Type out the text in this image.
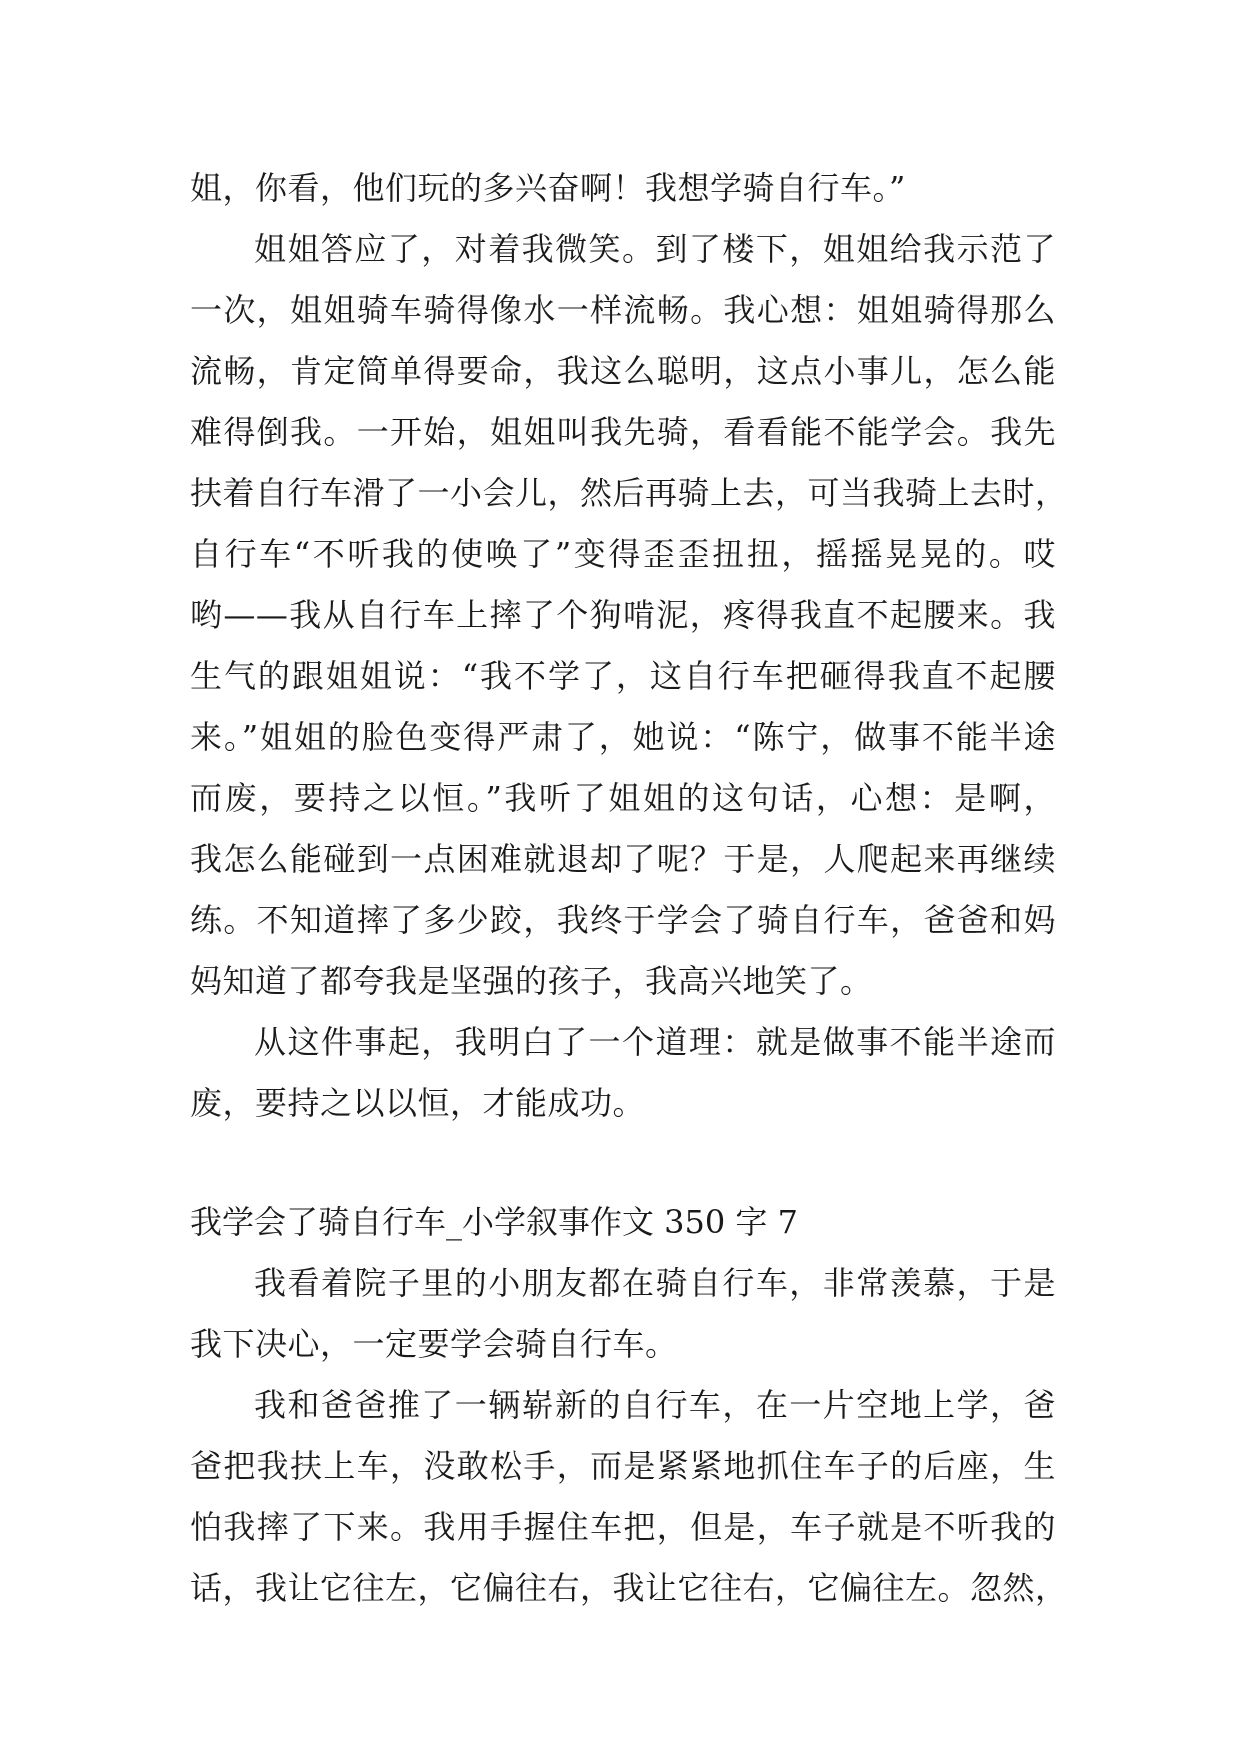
姐，你看，他们玩的多兴奋啊！我想学骑自行车。”
姐姐答应了，对着我微笑。到了楼下，姐姐给我示范了
一次，姐姐骑车骑得像水一样流畅。我心想：姐姐骑得那么
流畅，肯定简单得要命，我这么聪明，这点小事儿，怎么能
难得倒我。一开始，姐姐叫我先骑，看看能不能学会。我先
扶着自行车滑了一小会儿，然后再骑上去，可当我骑上去时，
自行车“不听我的使唤了”变得歪歪扭扭，摇摇晃晃的。哎
哟——我从自行车上摔了个狗啃泥，疼得我直不起腰来。我
生气的跟姐姐说：“我不学了，这自行车把砸得我直不起腰
来。”姐姐的脸色变得严肃了，她说：“陈宁，做事不能半途
而废，要持之以恒。”我听了姐姐的这句话，心想：是啊，
我怎么能碰到一点困难就退却了呢？于是，人爬起来再继续
练。不知道摔了多少跤，我终于学会了骑自行车，爸爸和妈
妈知道了都夸我是坚强的孩子，我高兴地笑了。
从这件事起，我明白了一个道理：就是做事不能半途而
废，要持之以以恒，才能成功。
我学会了骑自行车_小学叙事作文 350 字 7
我看着院子里的小朋友都在骑自行车，非常羡慕，于是
我下决心，一定要学会骑自行车。
我和爸爸推了一辆崭新的自行车，在一片空地上学，爸
爸把我扶上车，没敢松手，而是紧紧地抓住车子的后座，生
怕我摔了下来。我用手握住车把，但是，车子就是不听我的
话，我让它往左，它偏往右，我让它往右，它偏往左。忽然，
